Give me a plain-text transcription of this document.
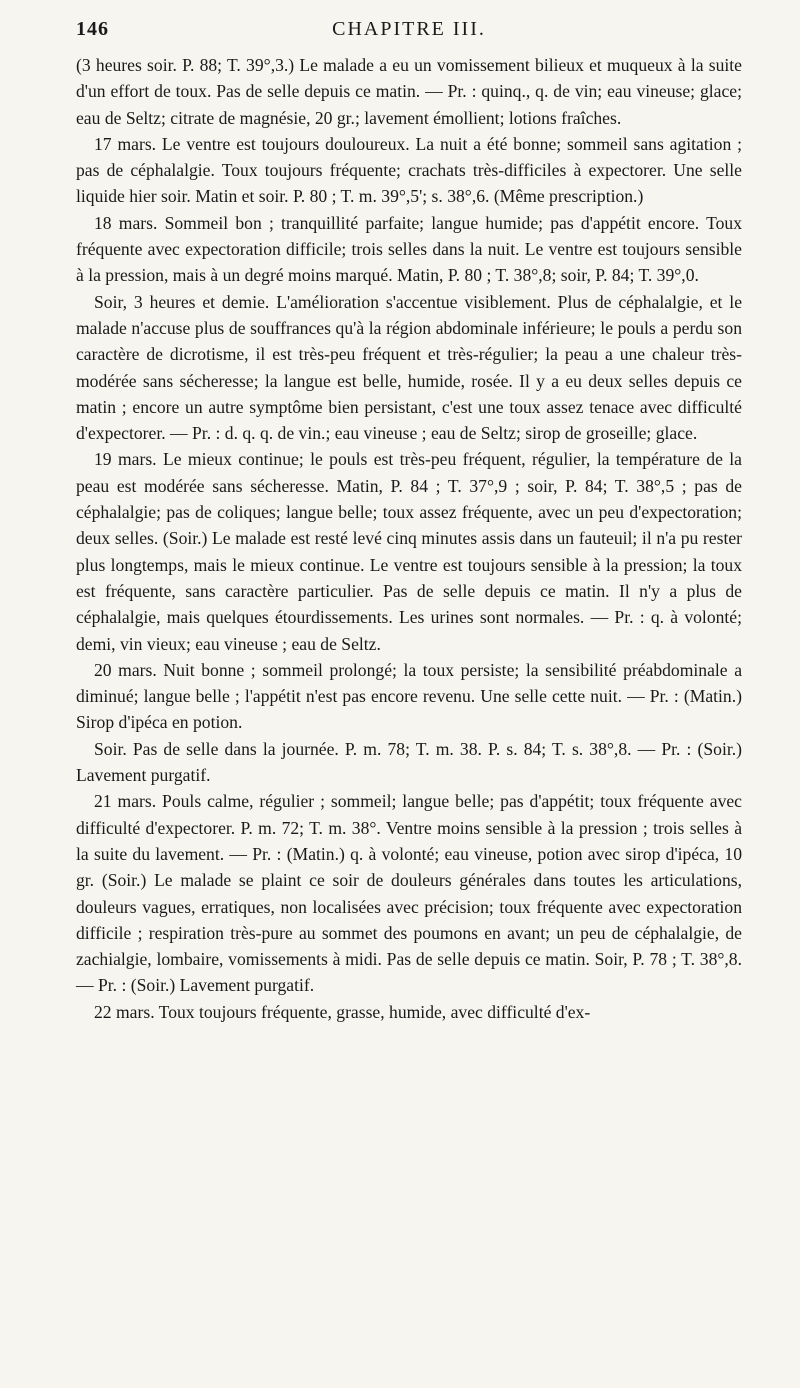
146	CHAPITRE III.

(3 heures soir. P. 88; T. 39°,3.) Le malade a eu un vomissement bilieux et muqueux à la suite d'un effort de toux. Pas de selle depuis ce matin. — Pr. : quinq., q. de vin; eau vineuse; glace; eau de Seltz; citrate de magnésie, 20 gr.; lavement émollient; lotions fraîches.

17 mars. Le ventre est toujours douloureux. La nuit a été bonne; sommeil sans agitation ; pas de céphalalgie. Toux toujours fréquente; crachats très-difficiles à expectorer. Une selle liquide hier soir. Matin et soir. P. 80 ; T. m. 39°,5'; s. 38°,6. (Même prescription.)

18 mars. Sommeil bon ; tranquillité parfaite; langue humide; pas d'appétit encore. Toux fréquente avec expectoration difficile; trois selles dans la nuit. Le ventre est toujours sensible à la pression, mais à un degré moins marqué. Matin, P. 80 ; T. 38°,8; soir, P. 84; T. 39°,0.

Soir, 3 heures et demie. L'amélioration s'accentue visiblement. Plus de céphalalgie, et le malade n'accuse plus de souffrances qu'à la région abdominale inférieure; le pouls a perdu son caractère de dicrotisme, il est très-peu fréquent et très-régulier; la peau a une chaleur très-modérée sans sécheresse; la langue est belle, humide, rosée. Il y a eu deux selles depuis ce matin ; encore un autre symptôme bien persistant, c'est une toux assez tenace avec difficulté d'expectorer. — Pr. : d. q. q. de vin.; eau vineuse ; eau de Seltz; sirop de groseille; glace.

19 mars. Le mieux continue; le pouls est très-peu fréquent, régulier, la température de la peau est modérée sans sécheresse. Matin, P. 84 ; T. 37°,9 ; soir, P. 84; T. 38°,5 ; pas de céphalalgie; pas de coliques; langue belle; toux assez fréquente, avec un peu d'expectoration; deux selles. (Soir.) Le malade est resté levé cinq minutes assis dans un fauteuil; il n'a pu rester plus longtemps, mais le mieux continue. Le ventre est toujours sensible à la pression; la toux est fréquente, sans caractère particulier. Pas de selle depuis ce matin. Il n'y a plus de céphalalgie, mais quelques étourdissements. Les urines sont normales. — Pr. : q. à volonté; demi, vin vieux; eau vineuse ; eau de Seltz.

20 mars. Nuit bonne ; sommeil prolongé; la toux persiste; la sensibilité préabdominale a diminué; langue belle ; l'appétit n'est pas encore revenu. Une selle cette nuit. — Pr. : (Matin.) Sirop d'ipéca en potion.

Soir. Pas de selle dans la journée. P. m. 78; T. m. 38. P. s. 84; T. s. 38°,8. — Pr. : (Soir.) Lavement purgatif.

21 mars. Pouls calme, régulier ; sommeil; langue belle; pas d'appétit; toux fréquente avec difficulté d'expectorer. P. m. 72; T. m. 38°. Ventre moins sensible à la pression ; trois selles à la suite du lavement. — Pr. : (Matin.) q. à volonté; eau vineuse, potion avec sirop d'ipéca, 10 gr. (Soir.) Le malade se plaint ce soir de douleurs générales dans toutes les articulations, douleurs vagues, erratiques, non localisées avec précision; toux fréquente avec expectoration difficile ; respiration très-pure au sommet des poumons en avant; un peu de céphalalgie, de zachialgie, lombaire, vomissements à midi. Pas de selle depuis ce matin. Soir, P. 78 ; T. 38°,8. — Pr. : (Soir.) Lavement purgatif.

22 mars. Toux toujours fréquente, grasse, humide, avec difficulté d'ex-
